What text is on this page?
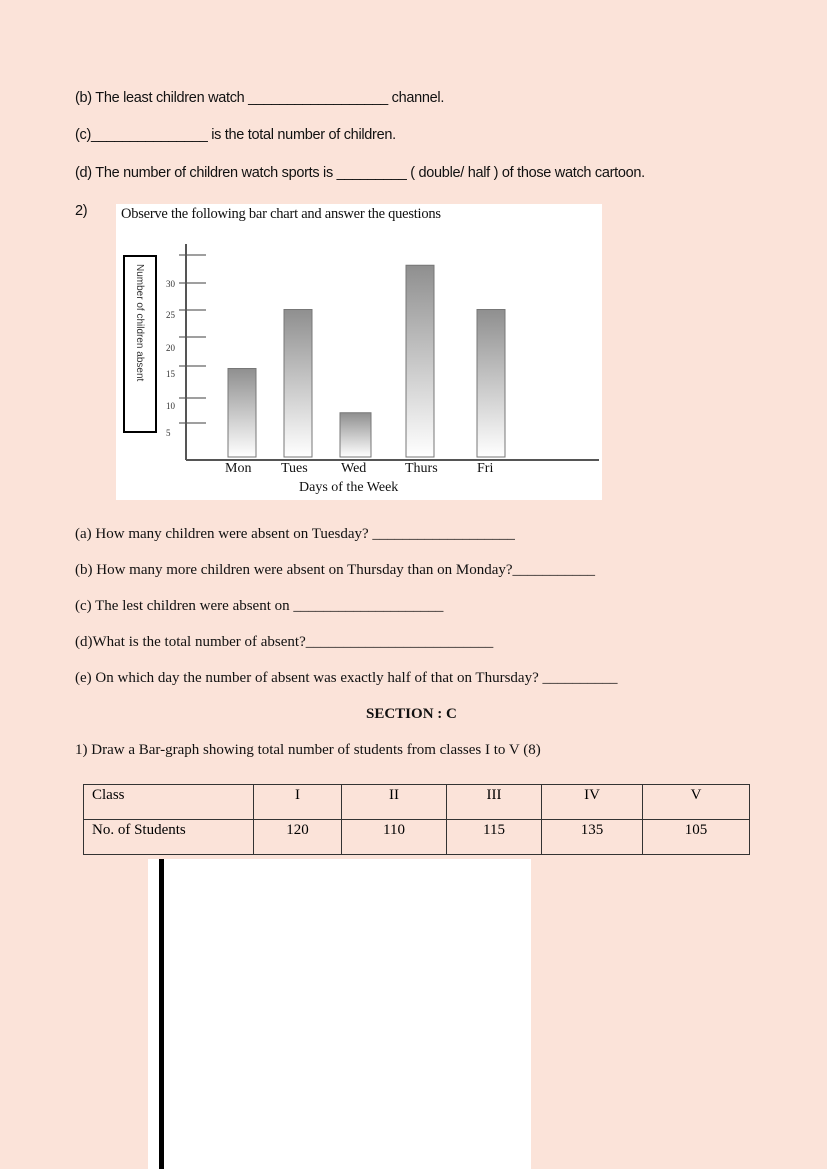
(b) The least children watch __________________ channel.
(c)_______________ is the total number of children.
(d) The number of children watch sports is _________ ( double/ half ) of those watch cartoon.
2) Observe the following bar chart and answer the questions
Number of children absent 30
25
20
15
10
5
Mon Tues Wed	Thurs	Fri
Days of the Week
(a) How many children were absent on Tuesday? ___________________
(b) How many more children were absent on Thursday than on Monday?___________
(c) The lest children were absent on ____________________
(d)What is the total number of absent?_________________________
(e) On which day the number of absent was exactly half of that on Thursday? __________
SECTION : C
1) Draw a Bar-graph showing total number of students from classes I to V (8)
Class	I	II	III	IV	V
No. of Students	120	110	115	135	105
